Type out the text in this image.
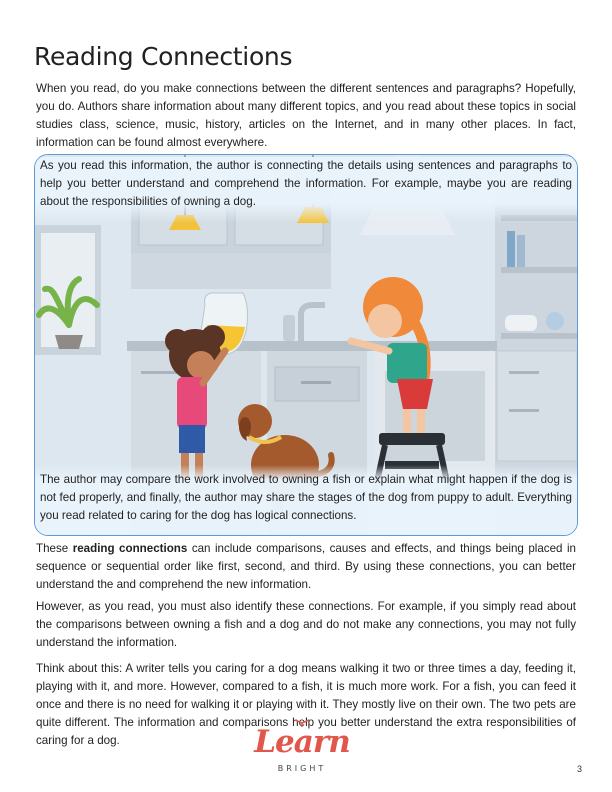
Reading Connections

When you read, do you make connections between the different sentences and paragraphs? Hopefully, you do. Authors share information about many different topics, and you read about these topics in social studies class, science, music, history, articles on the Internet, and in many other places. In fact, information can be found almost everywhere.

As you read this information, the author is connecting the details using sentences and paragraphs to help you better understand and comprehend the information. For example, maybe you are reading about the responsibilities of owning a dog.

The author may compare the work involved to owning a fish or explain what might happen if the dog is not fed properly, and finally, the author may share the stages of the dog from puppy to adult. Everything you read related to caring for the dog has logical connections.

These reading connections can include comparisons, causes and effects, and things being placed in sequence or sequential order like first, second, and third. By using these connections, you can better understand the and comprehend the new information.

However, as you read, you must also identify these connections. For example, if you simply read about the comparisons between owning a fish and a dog and do not make any connections, you may not fully understand the information.

Think about this: A writer tells you caring for a dog means walking it two or three times a day, feeding it, playing with it, and more. However, compared to a fish, it is much more work. For a fish, you can feed it once and there is no need for walking it or playing with it. They mostly live on their own. The two pets are quite different. The information and comparisons help you better understand the extra responsibilities of caring for a dog.	Learn
BRIGHT	3
